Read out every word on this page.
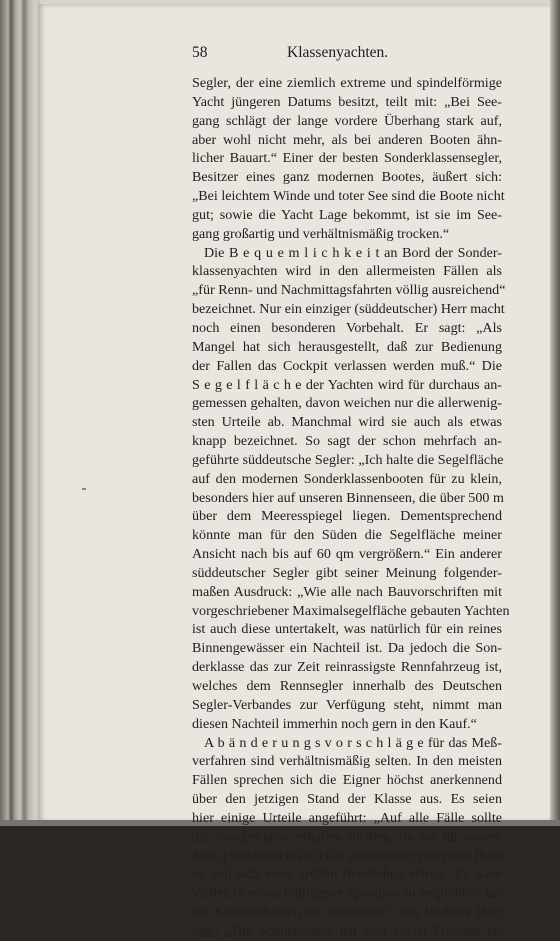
58	Klassenyachten.
Segler, der eine ziemlich extreme und spindelförmige
Yacht jüngeren Datums besitzt, teilt mit: „Bei See-
gang schlägt der lange vordere Überhang stark auf,
aber wohl nicht mehr, als bei anderen Booten ähn-
licher Bauart.“ Einer der besten Sonderklassensegler,
Besitzer eines ganz modernen Bootes, äußert sich:
„Bei leichtem Winde und toter See sind die Boote nicht
gut; sowie die Yacht Lage bekommt, ist sie im See-
gang großartig und verhältnismäßig trocken.“
Die B e q u e m l i c h k e i t an Bord der Sonder-
klassenyachten wird in den allermeisten Fällen als
„für Renn- und Nachmittagsfahrten völlig ausreichend“
bezeichnet. Nur ein einziger (süddeutscher) Herr macht
noch einen besonderen Vorbehalt. Er sagt: „Als
Mangel hat sich herausgestellt, daß zur Bedienung
der Fallen das Cockpit verlassen werden muß.“ Die
S e g e l f l ä c h e der Yachten wird für durchaus an-
gemessen gehalten, davon weichen nur die allerwenig-
sten Urteile ab. Manchmal wird sie auch als etwas
knapp bezeichnet. So sagt der schon mehrfach an-
geführte süddeutsche Segler: „Ich halte die Segelfläche
auf den modernen Sonderklassenbooten für zu klein,
besonders hier auf unseren Binnenseen, die über 500 m
über dem Meeresspiegel liegen. Dementsprechend
könnte man für den Süden die Segelfläche meiner
Ansicht nach bis auf 60 qm vergrößern.“ Ein anderer
süddeutscher Segler gibt seiner Meinung folgender-
maßen Ausdruck: „Wie alle nach Bauvorschriften mit
vorgeschriebener Maximalsegelfläche gebauten Yachten
ist auch diese untertakelt, was natürlich für ein reines
Binnengewässer ein Nachteil ist. Da jedoch die Son-
derklasse das zur Zeit reinrassigste Rennfahrzeug ist,
welches dem Rennsegler innerhalb des Deutschen
Segler-Verbandes zur Verfügung steht, nimmt man
diesen Nachteil immerhin noch gern in den Kauf.“
A b ä n d e r u n g s v o r s c h l ä g e für das Meß-
verfahren sind verhältnismäßig selten. In den meisten
Fällen sprechen sich die Eigner höchst anerkennend
über den jetzigen Stand der Klasse aus. Es seien
hier einige Urteile angeführt: „Auf alle Fälle sollte
die Sonderklasse erhalten bleiben, da sie für unsere
Seen (Süddeutschland) das am meisten geeignete Boot
ist und sich einer großen Beliebtheit erfreut. Es wäre
vielleicht etwas kräftigerer Spantbau zu empfehlen, um
die Eiseneinbauten zu vermeiden.“ Ein Berliner Herr
sagt: „Die Sonderklasse hat sich soviel Freunde er-
